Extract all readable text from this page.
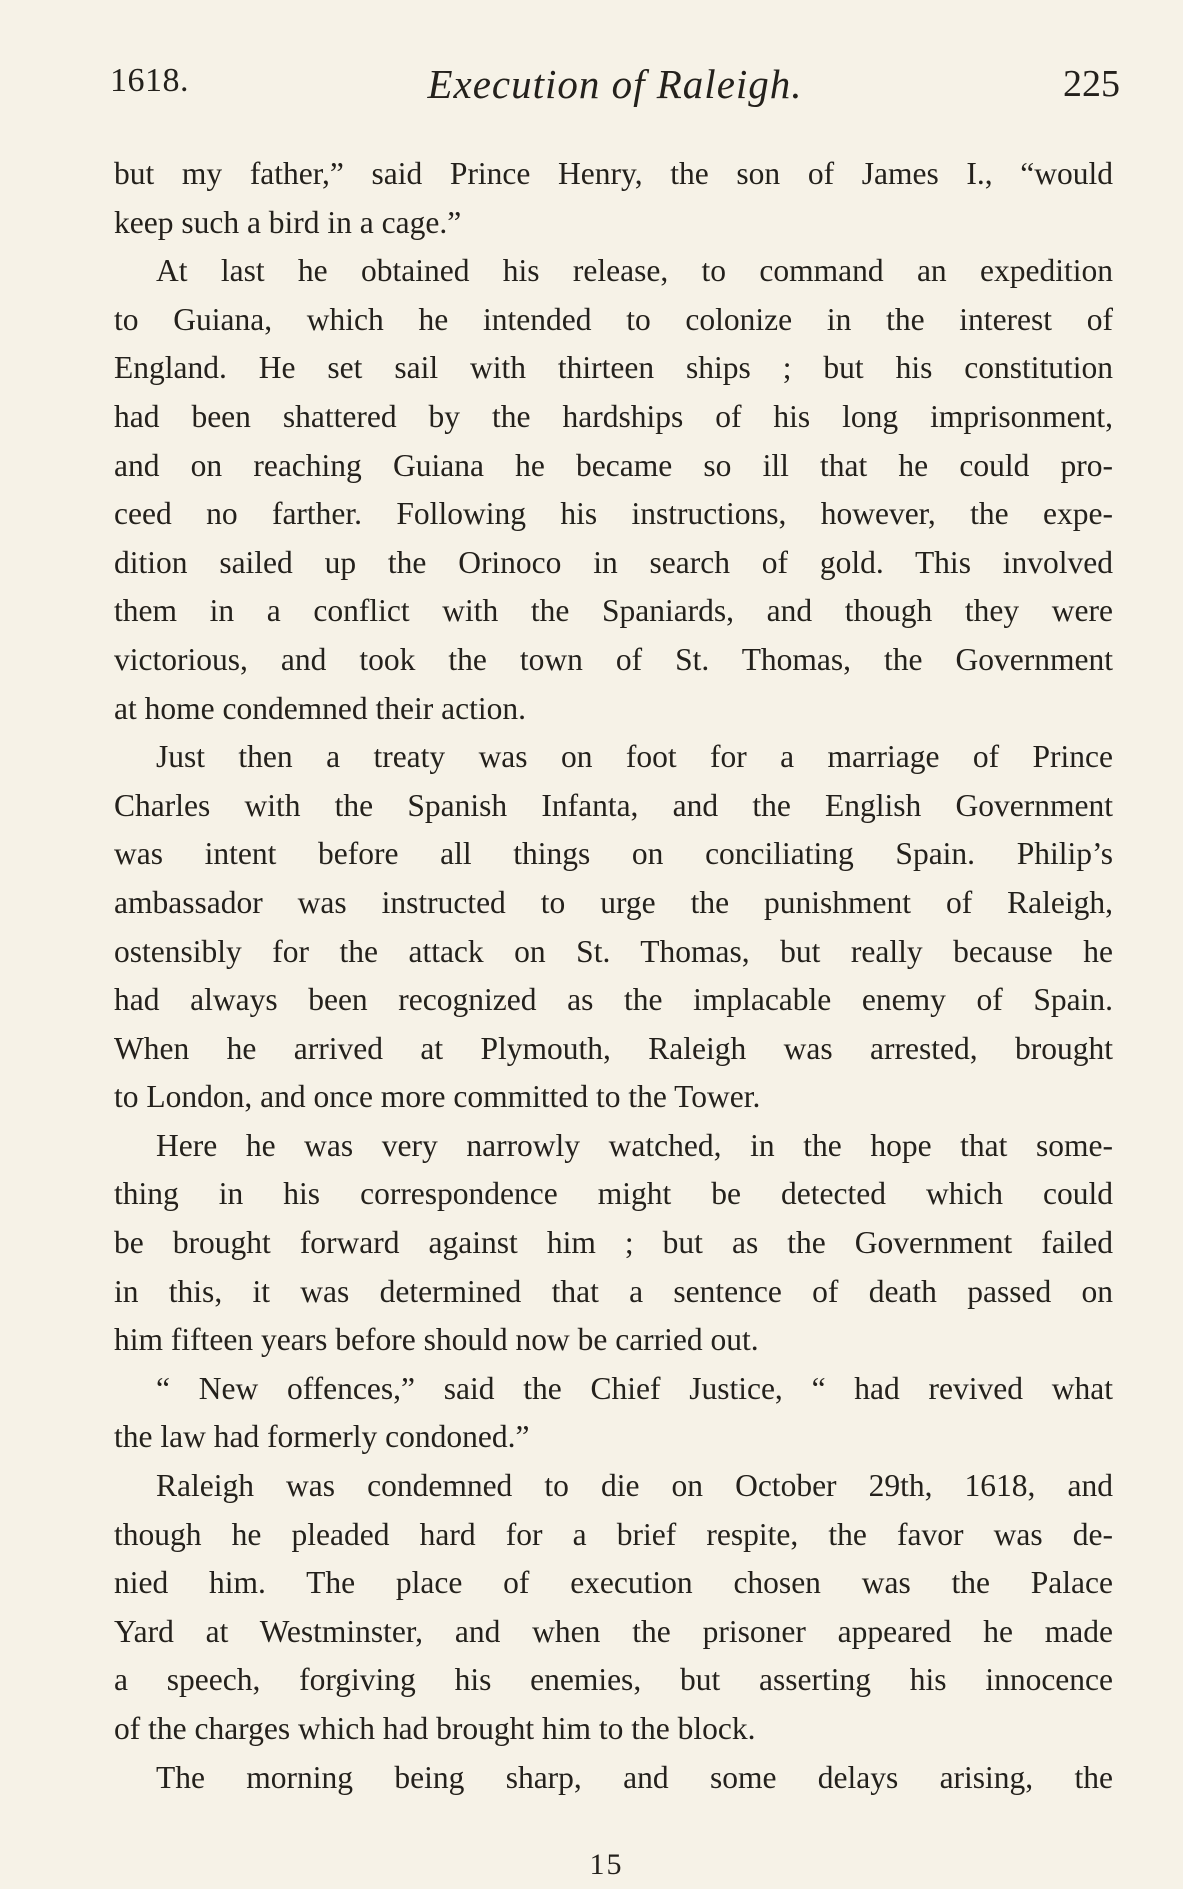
1618.	Execution of Raleigh.	225
but my father,” said Prince Henry, the son of James I., “would
keep such a bird in a cage.”
At last he obtained his release, to command an expedition
to Guiana, which he intended to colonize in the interest of
England. He set sail with thirteen ships ; but his constitution
had been shattered by the hardships of his long imprisonment,
and on reaching Guiana he became so ill that he could pro-
ceed no farther. Following his instructions, however, the expe-
dition sailed up the Orinoco in search of gold. This involved
them in a conflict with the Spaniards, and though they were
victorious, and took the town of St. Thomas, the Government
at home condemned their action.
Just then a treaty was on foot for a marriage of Prince
Charles with the Spanish Infanta, and the English Government
was intent before all things on conciliating Spain. Philip’s
ambassador was instructed to urge the punishment of Raleigh,
ostensibly for the attack on St. Thomas, but really because he
had always been recognized as the implacable enemy of Spain.
When he arrived at Plymouth, Raleigh was arrested, brought
to London, and once more committed to the Tower.
Here he was very narrowly watched, in the hope that some-
thing in his correspondence might be detected which could
be brought forward against him ; but as the Government failed
in this, it was determined that a sentence of death passed on
him fifteen years before should now be carried out.
“ New offences,” said the Chief Justice, “ had revived what
the law had formerly condoned.”
Raleigh was condemned to die on October 29th, 1618, and
though he pleaded hard for a brief respite, the favor was de-
nied him. The place of execution chosen was the Palace
Yard at Westminster, and when the prisoner appeared he made
a speech, forgiving his enemies, but asserting his innocence
of the charges which had brought him to the block.
The morning being sharp, and some delays arising, the
15
